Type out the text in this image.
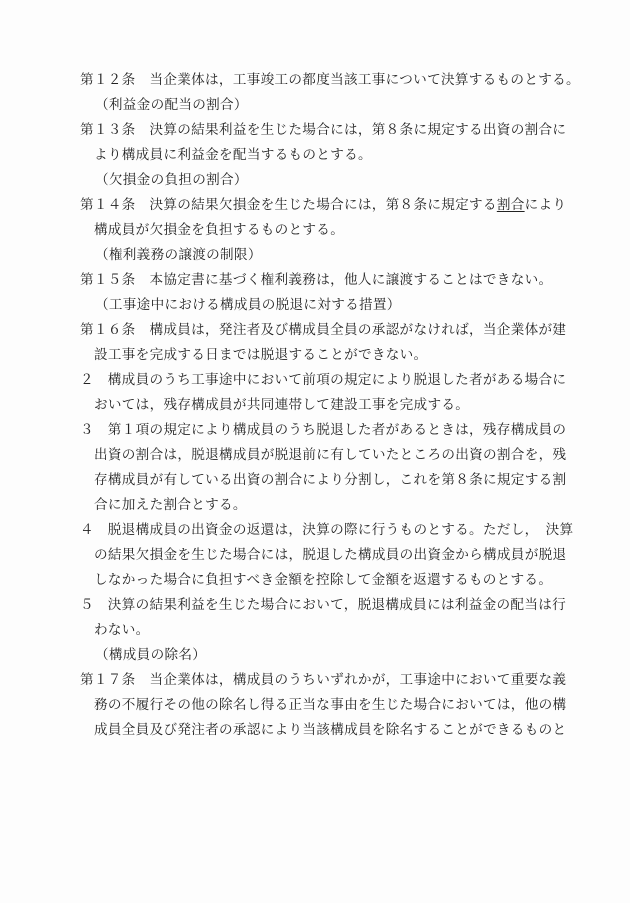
第１２条　当企業体は，工事竣工の都度当該工事について決算するものとする。
（利益金の配当の割合）
第１３条　決算の結果利益を生じた場合には，第８条に規定する出資の割合に
より構成員に利益金を配当するものとする。
（欠損金の負担の割合）
第１４条　決算の結果欠損金を生じた場合には，第８条に規定する割合により
構成員が欠損金を負担するものとする。
（権利義務の譲渡の制限）
第１５条　本協定書に基づく権利義務は，他人に譲渡することはできない。
（工事途中における構成員の脱退に対する措置）
第１６条　構成員は，発注者及び構成員全員の承認がなければ，当企業体が建
設工事を完成する日までは脱退することができない。
２　構成員のうち工事途中において前項の規定により脱退した者がある場合に
おいては，残存構成員が共同連帯して建設工事を完成する。
３　第１項の規定により構成員のうち脱退した者があるときは，残存構成員の
出資の割合は，脱退構成員が脱退前に有していたところの出資の割合を，残
存構成員が有している出資の割合により分割し，これを第８条に規定する割
合に加えた割合とする。
４　脱退構成員の出資金の返還は，決算の際に行うものとする。ただし，　決算
の結果欠損金を生じた場合には，脱退した構成員の出資金から構成員が脱退
しなかった場合に負担すべき金額を控除して金額を返還するものとする。
５　決算の結果利益を生じた場合において，脱退構成員には利益金の配当は行
わない。
（構成員の除名）
第１７条　当企業体は，構成員のうちいずれかが，工事途中において重要な義
務の不履行その他の除名し得る正当な事由を生じた場合においては，他の構
成員全員及び発注者の承認により当該構成員を除名することができるものと
